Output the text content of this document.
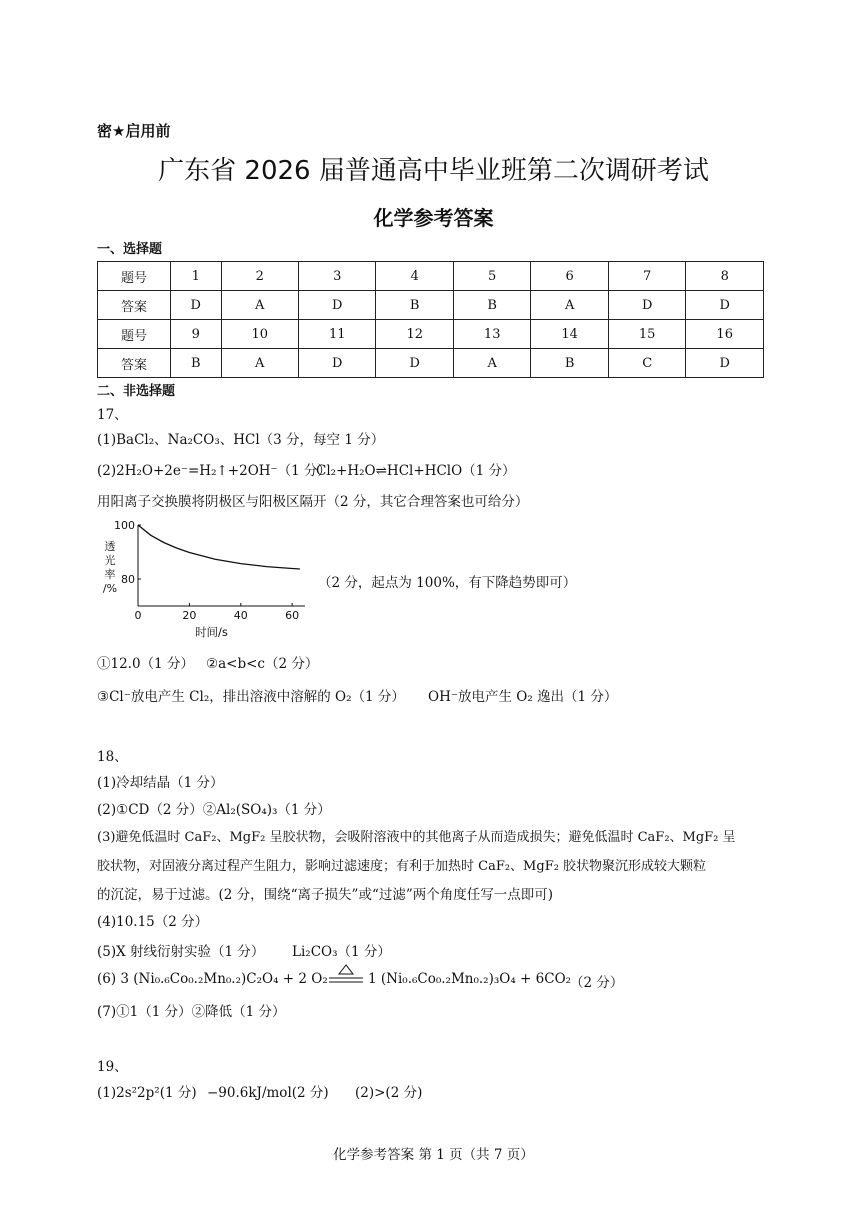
密★启用前
广东省 2026 届普通高中毕业班第二次调研考试
化学参考答案
一、选择题
题号	1	2	3	4	5	6	7	8
答案	D	A	D	B	B	A	D	D
题号	9	10	11	12	13	14	15	16
答案	B	A	D	D	A	B	C	D
二、非选择题
17、
(1)BaCl₂、Na₂CO₃、HCl（3 分，每空 1 分）
(2)2H₂O+2e⁻=H₂↑+2OH⁻（1 分）
Cl₂+H₂O⇌HCl+HClO（1 分）
用阳离子交换膜将阴极区与阳极区隔开（2 分，其它合理答案也可给分）
0	20	40	60
80
100
时间/s
透光率/%	（2 分，起点为 100%，有下降趋势即可）
①12.0（1 分） ②a<b<c（2 分）
③Cl⁻放电产生 Cl₂，排出溶液中溶解的 O₂（1 分） OH⁻放电产生 O₂ 逸出（1 分）
18、
(1)冷却结晶（1 分）
(2)①CD（2 分）②Al₂(SO₄)₃（1 分）
(3)避免低温时 CaF₂、MgF₂ 呈胶状物，会吸附溶液中的其他离子从而造成损失；避免低温时 CaF₂、MgF₂ 呈
胶状物，对固液分离过程产生阻力，影响过滤速度；有利于加热时 CaF₂、MgF₂ 胶状物聚沉形成较大颗粒
的沉淀，易于过滤。(2 分，围绕“离子损失”或“过滤”两个角度任写一点即可)
(4)10.15（2 分）
(5)X 射线衍射实验（1 分） Li₂CO₃（1 分）
(6) 3 (Ni₀.₆Co₀.₂Mn₀.₂)C₂O₄ + 2 O₂	1 (Ni₀.₆Co₀.₂Mn₀.₂)₃O₄ + 6CO₂
（2 分）
(7)①1（1 分）②降低（1 分）
19、
(1)2s²2p²(1 分) −90.6kJ/mol(2 分) (2)>(2 分)
化学参考答案 第 1 页（共 7 页）
